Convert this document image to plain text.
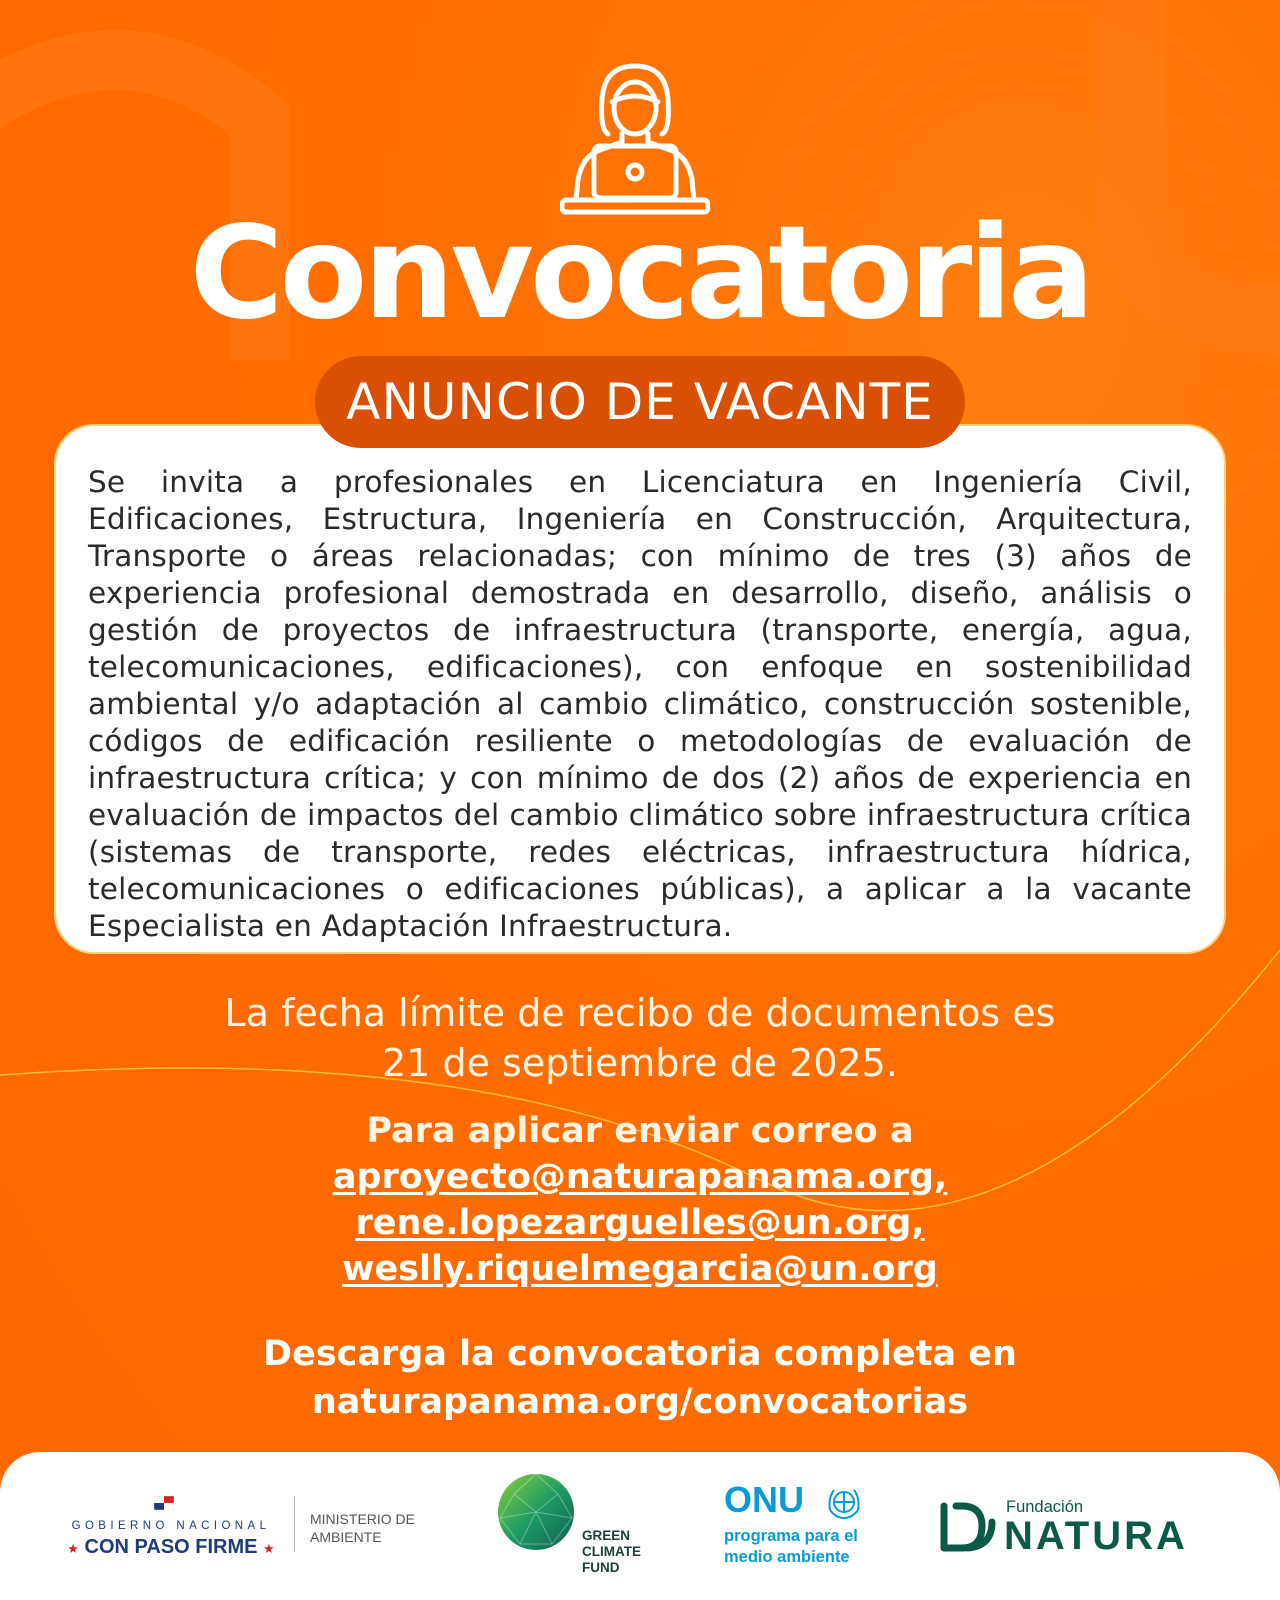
Convocatoria
ANUNCIO DE VACANTE

Se invita a profesionales en Licenciatura en Ingeniería Civil, Edificaciones, Estructura, Ingeniería en Construcción, Arquitectura, Transporte o áreas relacionadas; con mínimo de tres (3) años de experiencia profesional demostrada en desarrollo, diseño, análisis o gestión de proyectos de infraestructura (transporte, energía, agua, telecomunicaciones, edificaciones), con enfoque en sostenibilidad ambiental y/o adaptación al cambio climático, construcción sostenible, códigos de edificación resiliente o metodologías de evaluación de infraestructura crítica; y con mínimo de dos (2) años de experiencia en evaluación de impactos del cambio climático sobre infraestructura crítica (sistemas de transporte, redes eléctricas, infraestructura hídrica, telecomunicaciones o edificaciones públicas), a aplicar a la vacante Especialista en Adaptación Infraestructura.

La fecha límite de recibo de documentos es
21 de septiembre de 2025.
Para aplicar enviar correo a
aproyecto@naturapanama.org,
rene.lopezarguelles@un.org,
weslly.riquelmegarcia@un.org
Descarga la convocatoria completa en
naturapanama.org/convocatorias
GOBIERNO NACIONAL
★ CON PASO FIRME ★
MINISTERIO DE
AMBIENTE	GREEN
CLIMATE
FUND
ONU
programa para el
medio ambiente
Fundación
NATURA
